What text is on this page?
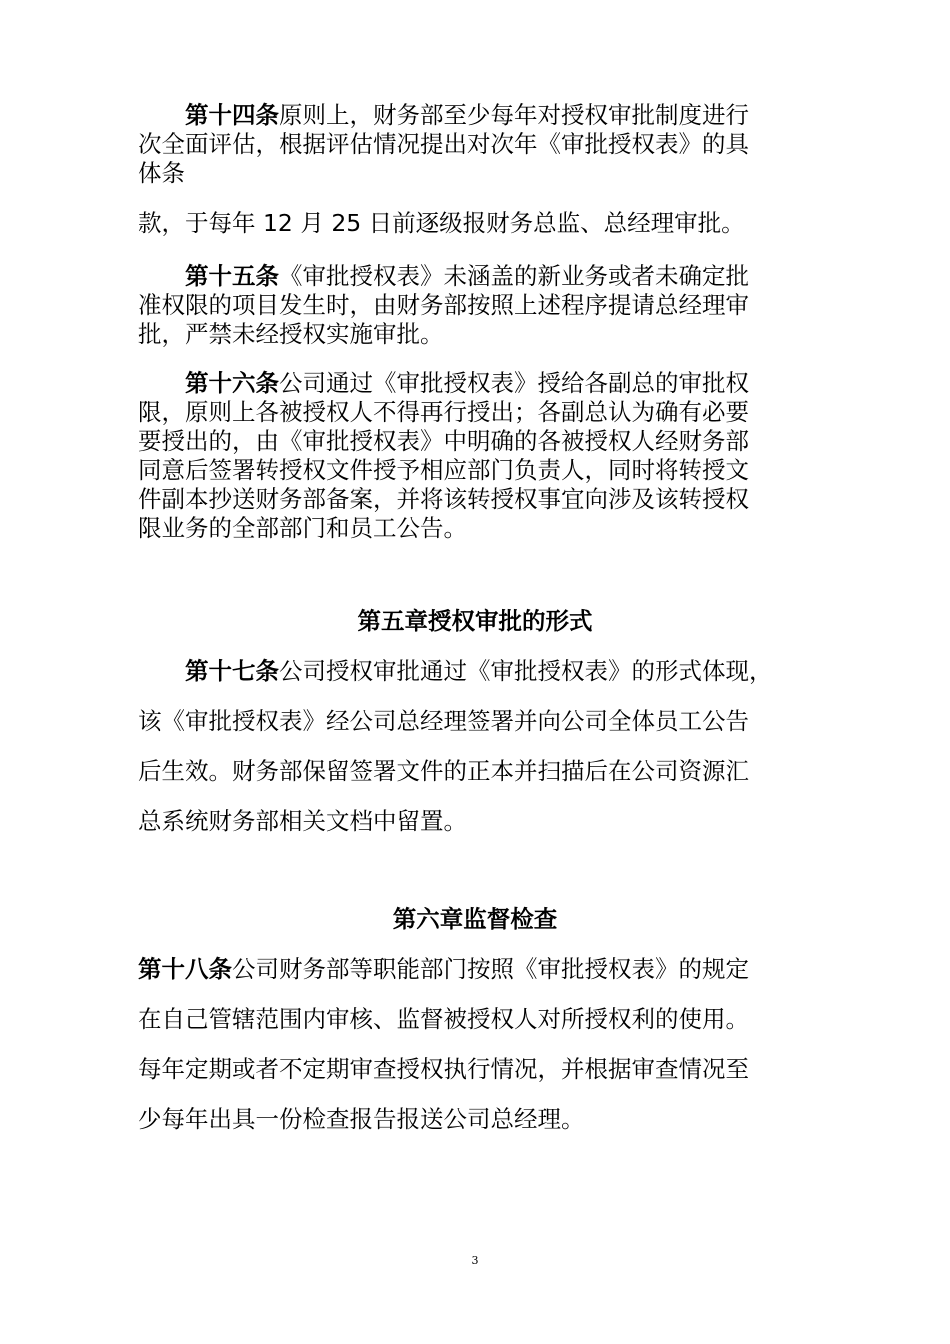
第十四条原则上，财务部至少每年对授权审批制度进行
次全面评估，根据评估情况提出对次年《审批授权表》的具
体条
款，于每年 12 月 25 日前逐级报财务总监、总经理审批。
第十五条《审批授权表》未涵盖的新业务或者未确定批
准权限的项目发生时，由财务部按照上述程序提请总经理审
批，严禁未经授权实施审批。
第十六条公司通过《审批授权表》授给各副总的审批权
限，原则上各被授权人不得再行授出；各副总认为确有必要
要授出的，由《审批授权表》中明确的各被授权人经财务部
同意后签署转授权文件授予相应部门负责人，同时将转授文
件副本抄送财务部备案，并将该转授权事宜向涉及该转授权
限业务的全部部门和员工公告。
第五章授权审批的形式
第十七条公司授权审批通过《审批授权表》的形式体现，
该《审批授权表》经公司总经理签署并向公司全体员工公告
后生效。财务部保留签署文件的正本并扫描后在公司资源汇
总系统财务部相关文档中留置。
第六章监督检查
第十八条公司财务部等职能部门按照《审批授权表》的规定
在自己管辖范围内审核、监督被授权人对所授权利的使用。
每年定期或者不定期审查授权执行情况，并根据审查情况至
少每年出具一份检查报告报送公司总经理。
3
